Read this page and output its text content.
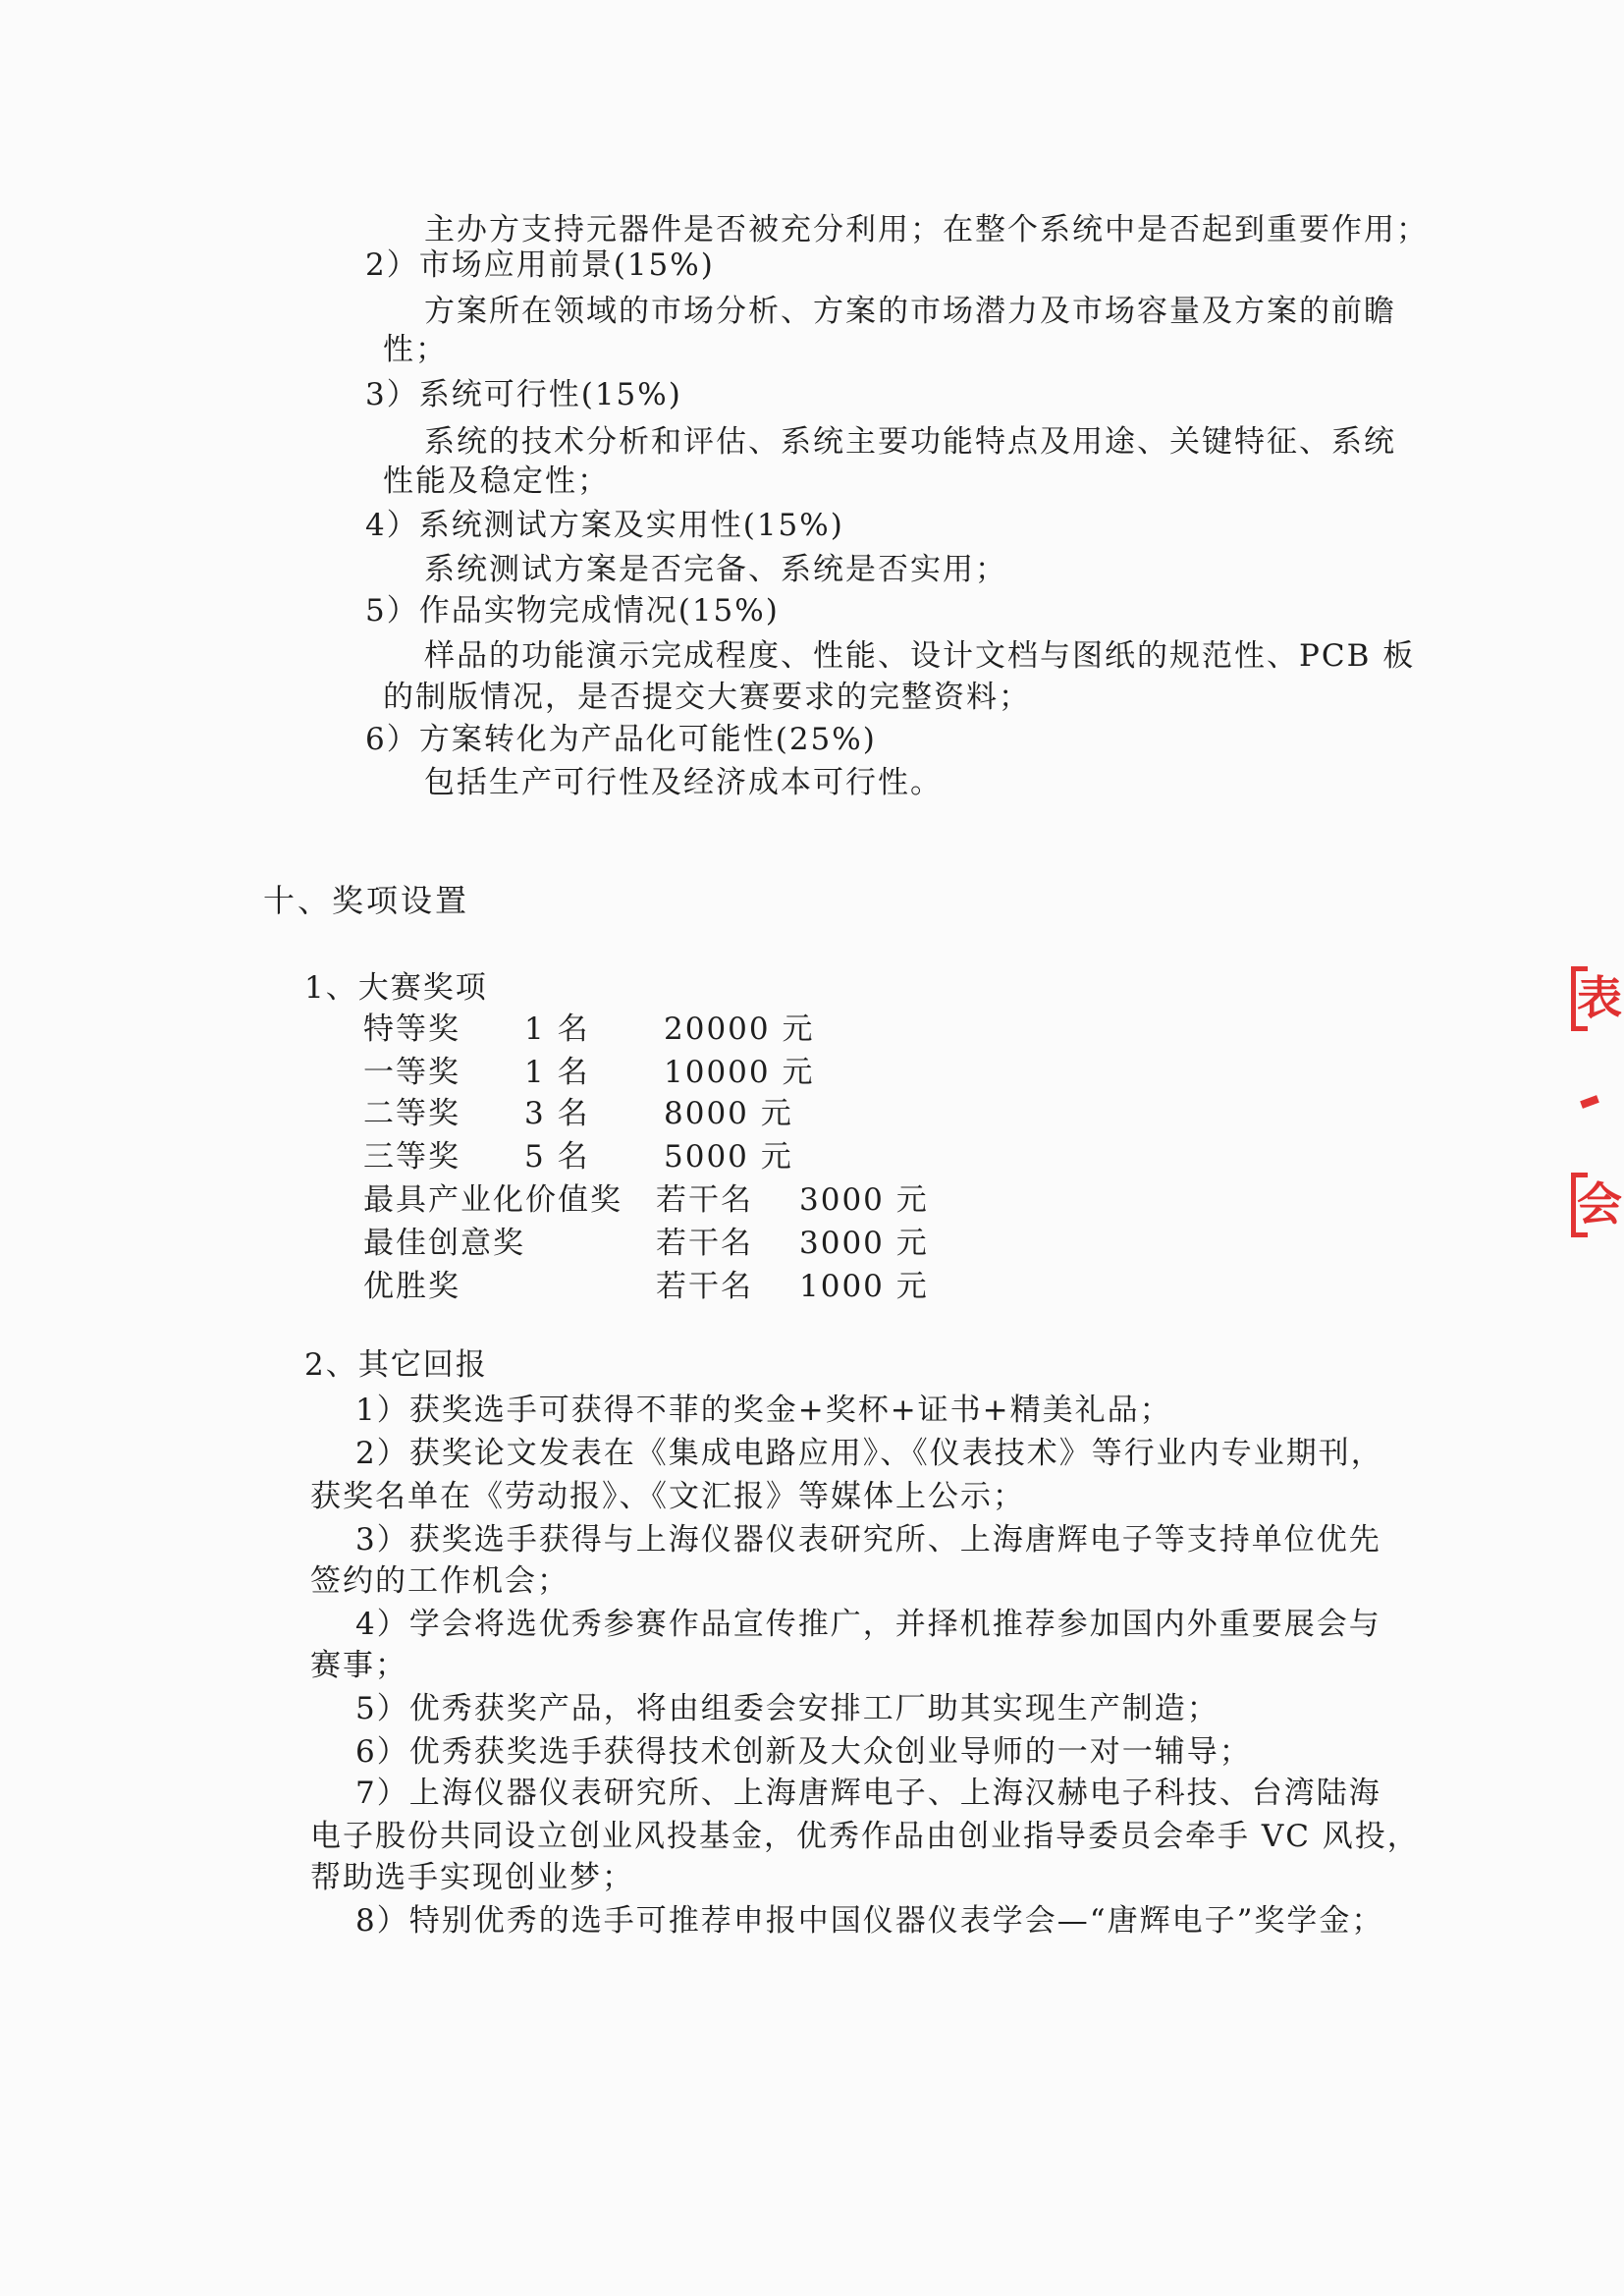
主办方支持元器件是否被充分利用；在整个系统中是否起到重要作用；
2）市场应用前景(15%)
方案所在领域的市场分析、方案的市场潜力及市场容量及方案的前瞻
性；
3）系统可行性(15%)
系统的技术分析和评估、系统主要功能特点及用途、关键特征、系统
性能及稳定性；
4）系统测试方案及实用性(15%)
系统测试方案是否完备、系统是否实用；
5）作品实物完成情况(15%)
样品的功能演示完成程度、性能、设计文档与图纸的规范性、PCB 板
的制版情况，是否提交大赛要求的完整资料；
6）方案转化为产品化可能性(25%)
包括生产可行性及经济成本可行性。
十、奖项设置
1、大赛奖项
特等奖 1 名 20000 元
一等奖 1 名 10000 元
二等奖 3 名 8000 元
三等奖 5 名 5000 元
最具产业化价值奖 若干名 3000 元
最佳创意奖	若干名 3000 元
优胜奖	若干名 1000 元
2、其它回报
1）获奖选手可获得不菲的奖金+奖杯+证书+精美礼品；
2）获奖论文发表在《集成电路应用》、《仪表技术》等行业内专业期刊，
获奖名单在《劳动报》、《文汇报》等媒体上公示；
3）获奖选手获得与上海仪器仪表研究所、上海唐辉电子等支持单位优先
签约的工作机会；
4）学会将选优秀参赛作品宣传推广，并择机推荐参加国内外重要展会与
赛事；
5）优秀获奖产品，将由组委会安排工厂助其实现生产制造；
6）优秀获奖选手获得技术创新及大众创业导师的一对一辅导；
7）上海仪器仪表研究所、上海唐辉电子、上海汉赫电子科技、台湾陆海
电子股份共同设立创业风投基金，优秀作品由创业指导委员会牵手 VC 风投，
帮助选手实现创业梦；
8）特别优秀的选手可推荐申报中国仪器仪表学会—“唐辉电子”奖学金；
表
会
